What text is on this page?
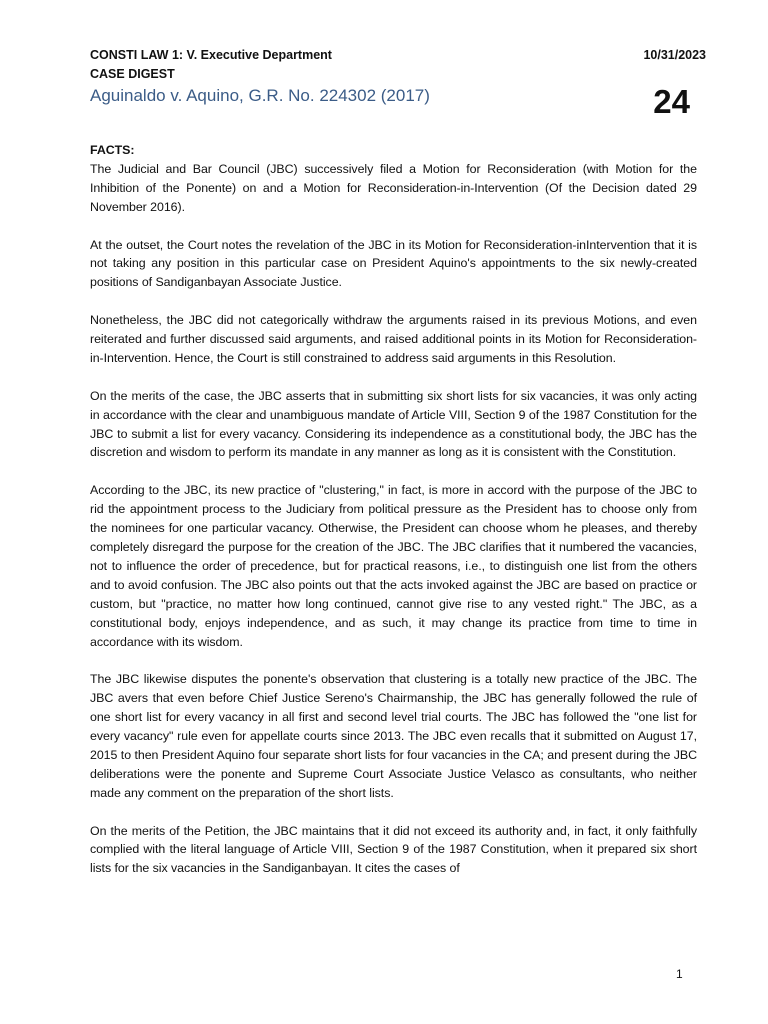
CONSTI LAW 1: V. Executive Department

CASE DIGEST

Aguinaldo v. Aquino, G.R. No. 224302 (2017)

10/31/2023
24

FACTS:

The Judicial and Bar Council (JBC) successively filed a Motion for Reconsideration (with Motion for the Inhibition of the Ponente) on and a Motion for Reconsideration-in-Intervention (Of the Decision dated 29 November 2016).

At the outset, the Court notes the revelation of the JBC in its Motion for Reconsideration-inIntervention that it is not taking any position in this particular case on President Aquino's appointments to the six newly-created positions of Sandiganbayan Associate Justice.

Nonetheless, the JBC did not categorically withdraw the arguments raised in its previous Motions, and even reiterated and further discussed said arguments, and raised additional points in its Motion for Reconsideration-in-Intervention. Hence, the Court is still constrained to address said arguments in this Resolution.

On the merits of the case, the JBC asserts that in submitting six short lists for six vacancies, it was only acting in accordance with the clear and unambiguous mandate of Article VIII, Section 9 of the 1987 Constitution for the JBC to submit a list for every vacancy. Considering its independence as a constitutional body, the JBC has the discretion and wisdom to perform its mandate in any manner as long as it is consistent with the Constitution.

According to the JBC, its new practice of "clustering," in fact, is more in accord with the purpose of the JBC to rid the appointment process to the Judiciary from political pressure as the President has to choose only from the nominees for one particular vacancy. Otherwise, the President can choose whom he pleases, and thereby completely disregard the purpose for the creation of the JBC. The JBC clarifies that it numbered the vacancies, not to influence the order of precedence, but for practical reasons, i.e., to distinguish one list from the others and to avoid confusion. The JBC also points out that the acts invoked against the JBC are based on practice or custom, but "practice, no matter how long continued, cannot give rise to any vested right." The JBC, as a constitutional body, enjoys independence, and as such, it may change its practice from time to time in accordance with its wisdom.

The JBC likewise disputes the ponente's observation that clustering is a totally new practice of the JBC. The JBC avers that even before Chief Justice Sereno's Chairmanship, the JBC has generally followed the rule of one short list for every vacancy in all first and second level trial courts. The JBC has followed the "one list for every vacancy" rule even for appellate courts since 2013. The JBC even recalls that it submitted on August 17, 2015 to then President Aquino four separate short lists for four vacancies in the CA; and present during the JBC deliberations were the ponente and Supreme Court Associate Justice Velasco as consultants, who neither made any comment on the preparation of the short lists.

On the merits of the Petition, the JBC maintains that it did not exceed its authority and, in fact, it only faithfully complied with the literal language of Article VIII, Section 9 of the 1987 Constitution, when it prepared six short lists for the six vacancies in the Sandiganbayan. It cites the cases of

1
